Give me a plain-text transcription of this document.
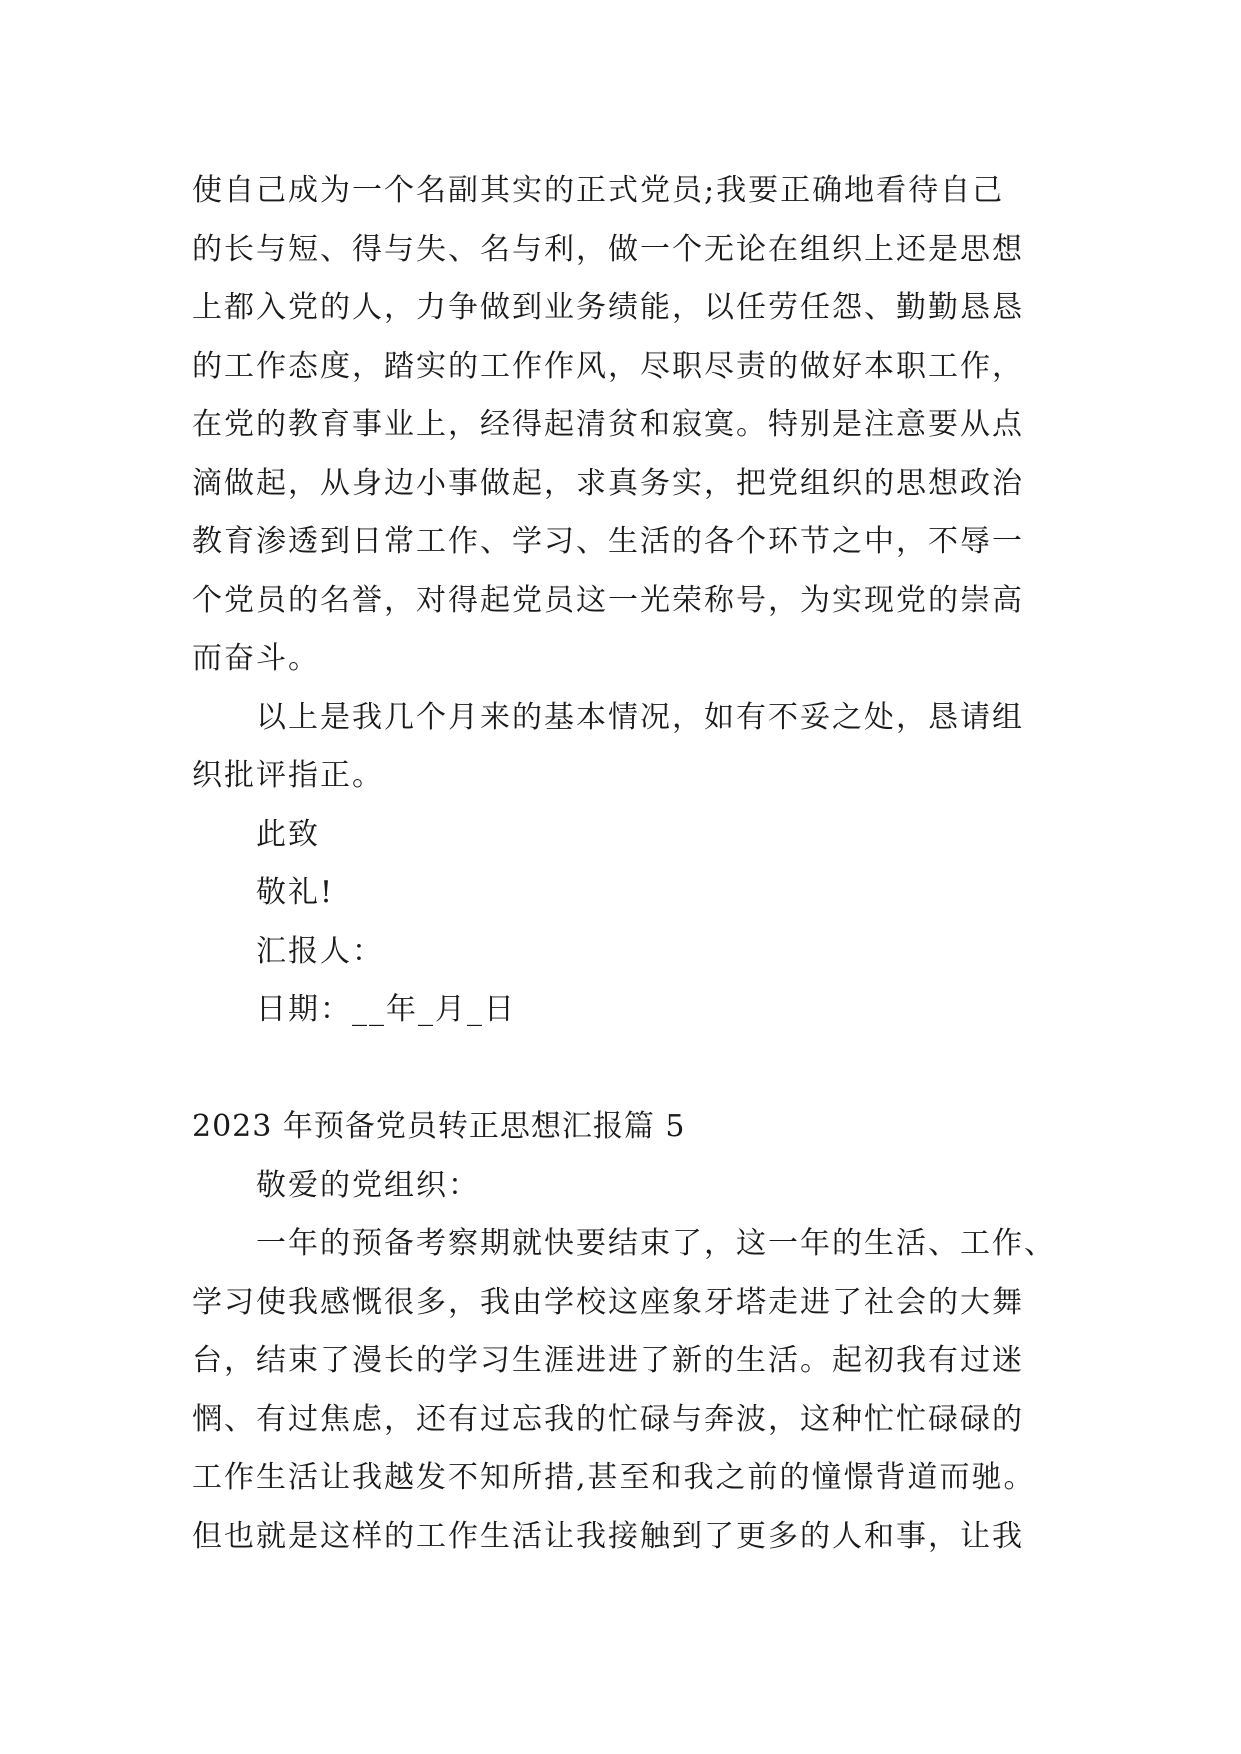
使自己成为一个名副其实的正式党员;我要正确地看待自己
的长与短、得与失、名与利，做一个无论在组织上还是思想
上都入党的人，力争做到业务绩能，以任劳任怨、勤勤恳恳
的工作态度，踏实的工作作风，尽职尽责的做好本职工作，
在党的教育事业上，经得起清贫和寂寞。特别是注意要从点
滴做起，从身边小事做起，求真务实，把党组织的思想政治
教育渗透到日常工作、学习、生活的各个环节之中，不辱一
个党员的名誉，对得起党员这一光荣称号，为实现党的崇高
而奋斗。
以上是我几个月来的基本情况，如有不妥之处，恳请组
织批评指正。
此致
敬礼!
汇报人：
日期：__年_月_日
2023 年预备党员转正思想汇报篇 5
敬爱的党组织：
一年的预备考察期就快要结束了，这一年的生活、工作、
学习使我感慨很多，我由学校这座象牙塔走进了社会的大舞
台，结束了漫长的学习生涯进进了新的生活。起初我有过迷
惘、有过焦虑，还有过忘我的忙碌与奔波，这种忙忙碌碌的
工作生活让我越发不知所措,甚至和我之前的憧憬背道而驰。
但也就是这样的工作生活让我接触到了更多的人和事，让我
